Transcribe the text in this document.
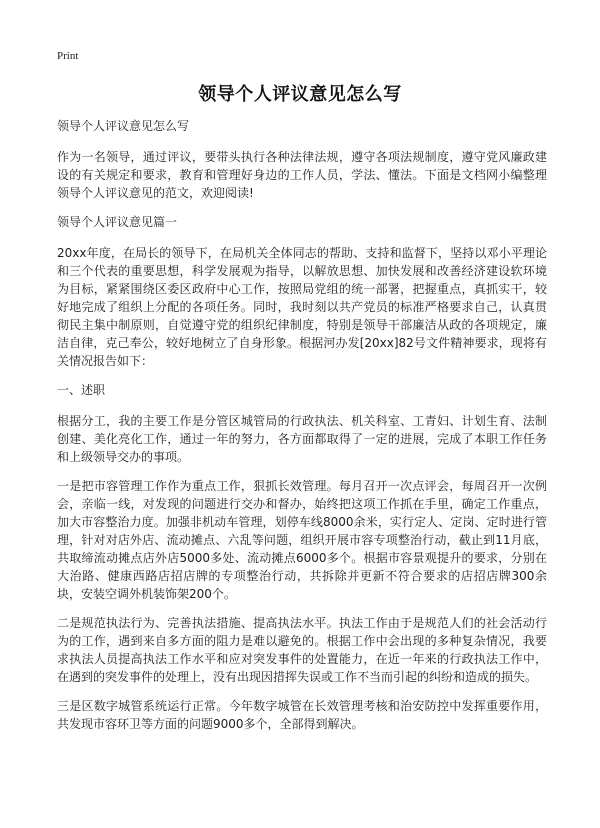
Print
领导个人评议意见怎么写

领导个人评议意见怎么写

作为一名领导，通过评议，要带头执行各种法律法规，遵守各项法规制度，遵守党风廉政建设的有关规定和要求，教育和管理好身边的工作人员，学法、懂法。下面是文档网小编整理领导个人评议意见的范文，欢迎阅读!

领导个人评议意见篇一

20xx年度，在局长的领导下，在局机关全体同志的帮助、支持和监督下，坚持以邓小平理论和三个代表的重要思想，科学发展观为指导，以解放思想、加快发展和改善经济建设软环境为目标，紧紧围绕区委区政府中心工作，按照局党组的统一部署，把握重点，真抓实干，较好地完成了组织上分配的各项任务。同时，我时刻以共产党员的标准严格要求自己，认真贯彻民主集中制原则，自觉遵守党的组织纪律制度，特别是领导干部廉洁从政的各项规定，廉洁自律，克己奉公，较好地树立了自身形象。根据河办发[20xx]82号文件精神要求，现将有关情况报告如下：

一、述职

根据分工，我的主要工作是分管区城管局的行政执法、机关科室、工青妇、计划生育、法制创建、美化亮化工作，通过一年的努力，各方面都取得了一定的进展，完成了本职工作任务和上级领导交办的事项。

一是把市容管理工作作为重点工作，狠抓长效管理。每月召开一次点评会，每周召开一次例会，亲临一线，对发现的问题进行交办和督办，始终把这项工作抓在手里，确定工作重点，加大市容整治力度。加强非机动车管理，划停车线8000余米，实行定人、定岗、定时进行管理，针对对店外店、流动摊点、六乱等问题，组织开展市容专项整治行动，截止到11月底，共取缔流动摊点店外店5000多处、流动摊点6000多个。根据市容景观提升的要求，分别在大治路、健康西路店招店牌的专项整治行动，共拆除并更新不符合要求的店招店牌300余块，安装空调外机装饰架200个。

二是规范执法行为、完善执法措施、提高执法水平。执法工作由于是规范人们的社会活动行为的工作，遇到来自多方面的阻力是难以避免的。根据工作中会出现的多种复杂情况，我要求执法人员提高执法工作水平和应对突发事件的处置能力，在近一年来的行政执法工作中，在遇到的突发事件的处理上，没有出现因措挥失误或工作不当而引起的纠纷和造成的损失。

三是区数字城管系统运行正常。今年数字城管在长效管理考核和治安防控中发挥重要作用，共发现市容环卫等方面的问题9000多个，全部得到解决。
